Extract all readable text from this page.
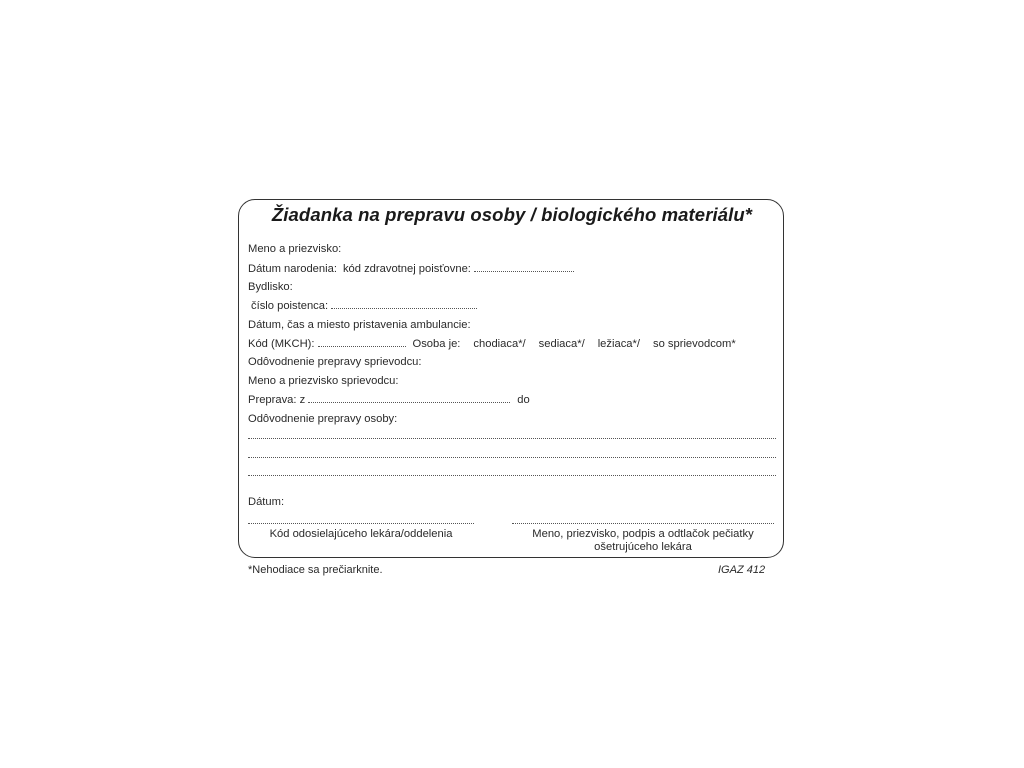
Žiadanka na prepravu osoby / biologického materiálu*
Meno a priezvisko:
Dátum narodenia: kód zdravotnej poisťovne:
Bydlisko:
číslo poistenca:
Dátum, čas a miesto pristavenia ambulancie:
Kód (MKCH):	Osoba je: chodiaca*/ sediaca*/ ležiaca*/ so sprievodcom*
Odôvodnenie prepravy sprievodcu:
Meno a priezvisko sprievodcu:
Preprava: z	do
Odôvodnenie prepravy osoby:
Dátum:
Kód odosielajúceho lekára/oddelenia	Meno, priezvisko, podpis a odtlačok pečiatky
ošetrujúceho lekára
*Nehodiace sa prečiarknite.	IGAZ 412
